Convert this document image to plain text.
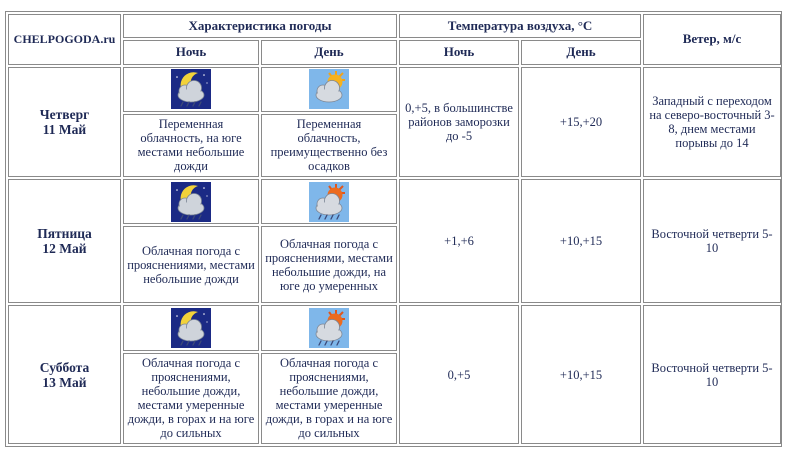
CHELPOGODA.ru	Характеристика погоды		Температура воздуха, °C		Ветер, м/с
	Ночь	День	Ночь	День	
Четверг
11 Май			0,+5, в большинстве районов заморозки до -5	+15,+20	Западный с переходом на северо-восточный 3-8, днем местами порывы до 14
	Переменная облачность, на юге местами небольшие дожди	Переменная облачность, преимущественно без осадков			
Пятница
12 Май			+1,+6	+10,+15	Восточной четверти 5-10
	Облачная погода с прояснениями, местами небольшие дожди	Облачная погода с прояснениями, местами небольшие дожди, на юге до умеренных			
Суббота
13 Май			0,+5	+10,+15	Восточной четверти 5-10
	Облачная погода с прояснениями, небольшие дожди, местами умеренные дожди, в горах и на юге до сильных	Облачная погода с прояснениями, небольшие дожди, местами умеренные дожди, в горах и на юге до сильных			
